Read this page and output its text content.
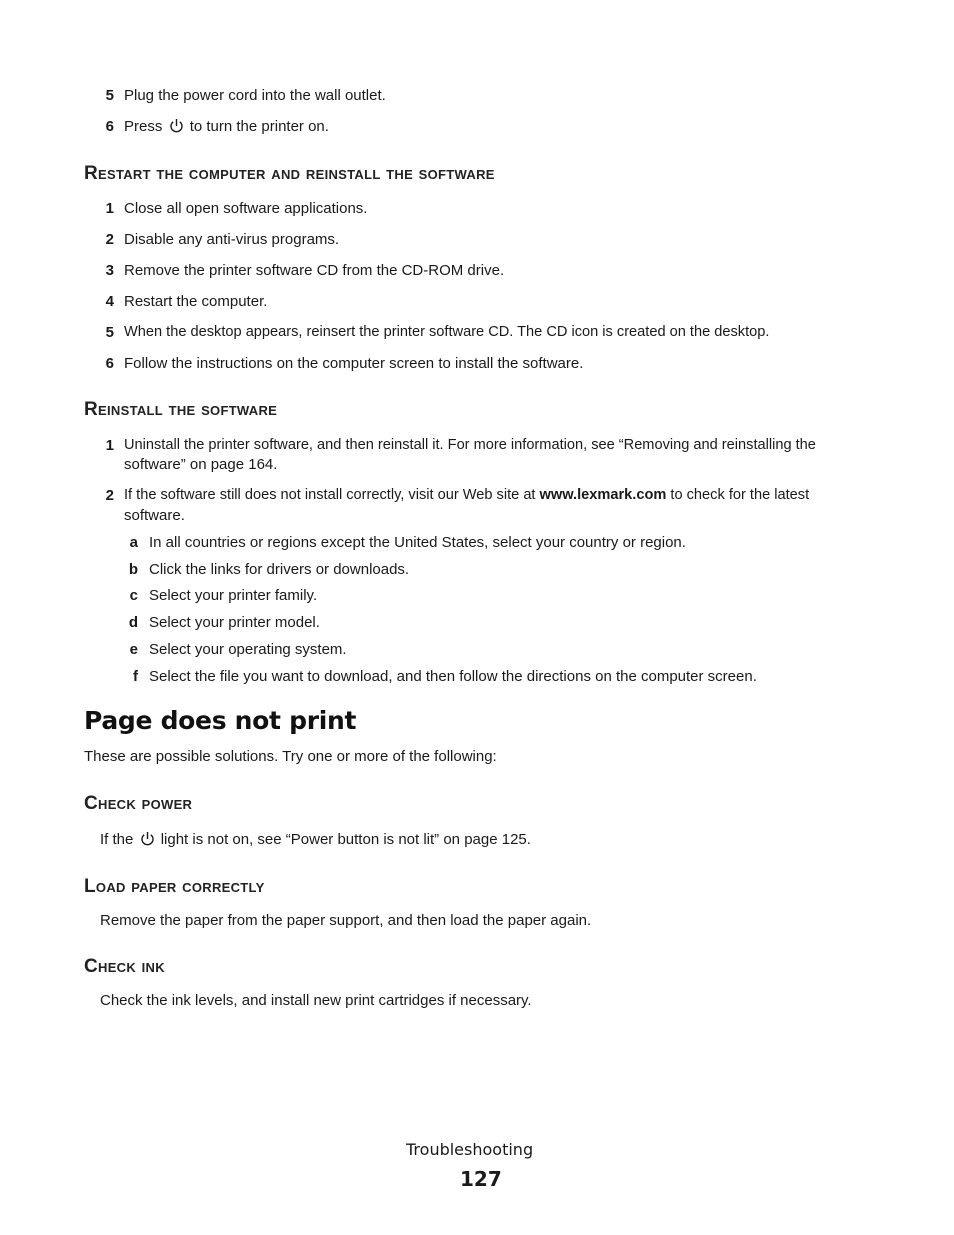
5 Plug the power cord into the wall outlet.
6 Press to turn the printer on.
Restart the computer and reinstall the software
1 Close all open software applications.
2 Disable any anti-virus programs.
3 Remove the printer software CD from the CD-ROM drive.
4 Restart the computer.
5 When the desktop appears, reinsert the printer software CD. The CD icon is created on the desktop.
6 Follow the instructions on the computer screen to install the software.
Reinstall the software
1 Uninstall the printer software, and then reinstall it. For more information, see “Removing and reinstalling the
software” on page 164.
2 If the software still does not install correctly, visit our Web site at www.lexmark.com to check for the latest
software.
a In all countries or regions except the United States, select your country or region.
b Click the links for drivers or downloads.
c Select your printer family.
d Select your printer model.
e Select your operating system.
f Select the file you want to download, and then follow the directions on the computer screen.
Page does not print
These are possible solutions. Try one or more of the following:
Check power
If the light is not on, see “Power button is not lit” on page 125.
Load paper correctly
Remove the paper from the paper support, and then load the paper again.
Check ink
Check the ink levels, and install new print cartridges if necessary.
Troubleshooting
127
